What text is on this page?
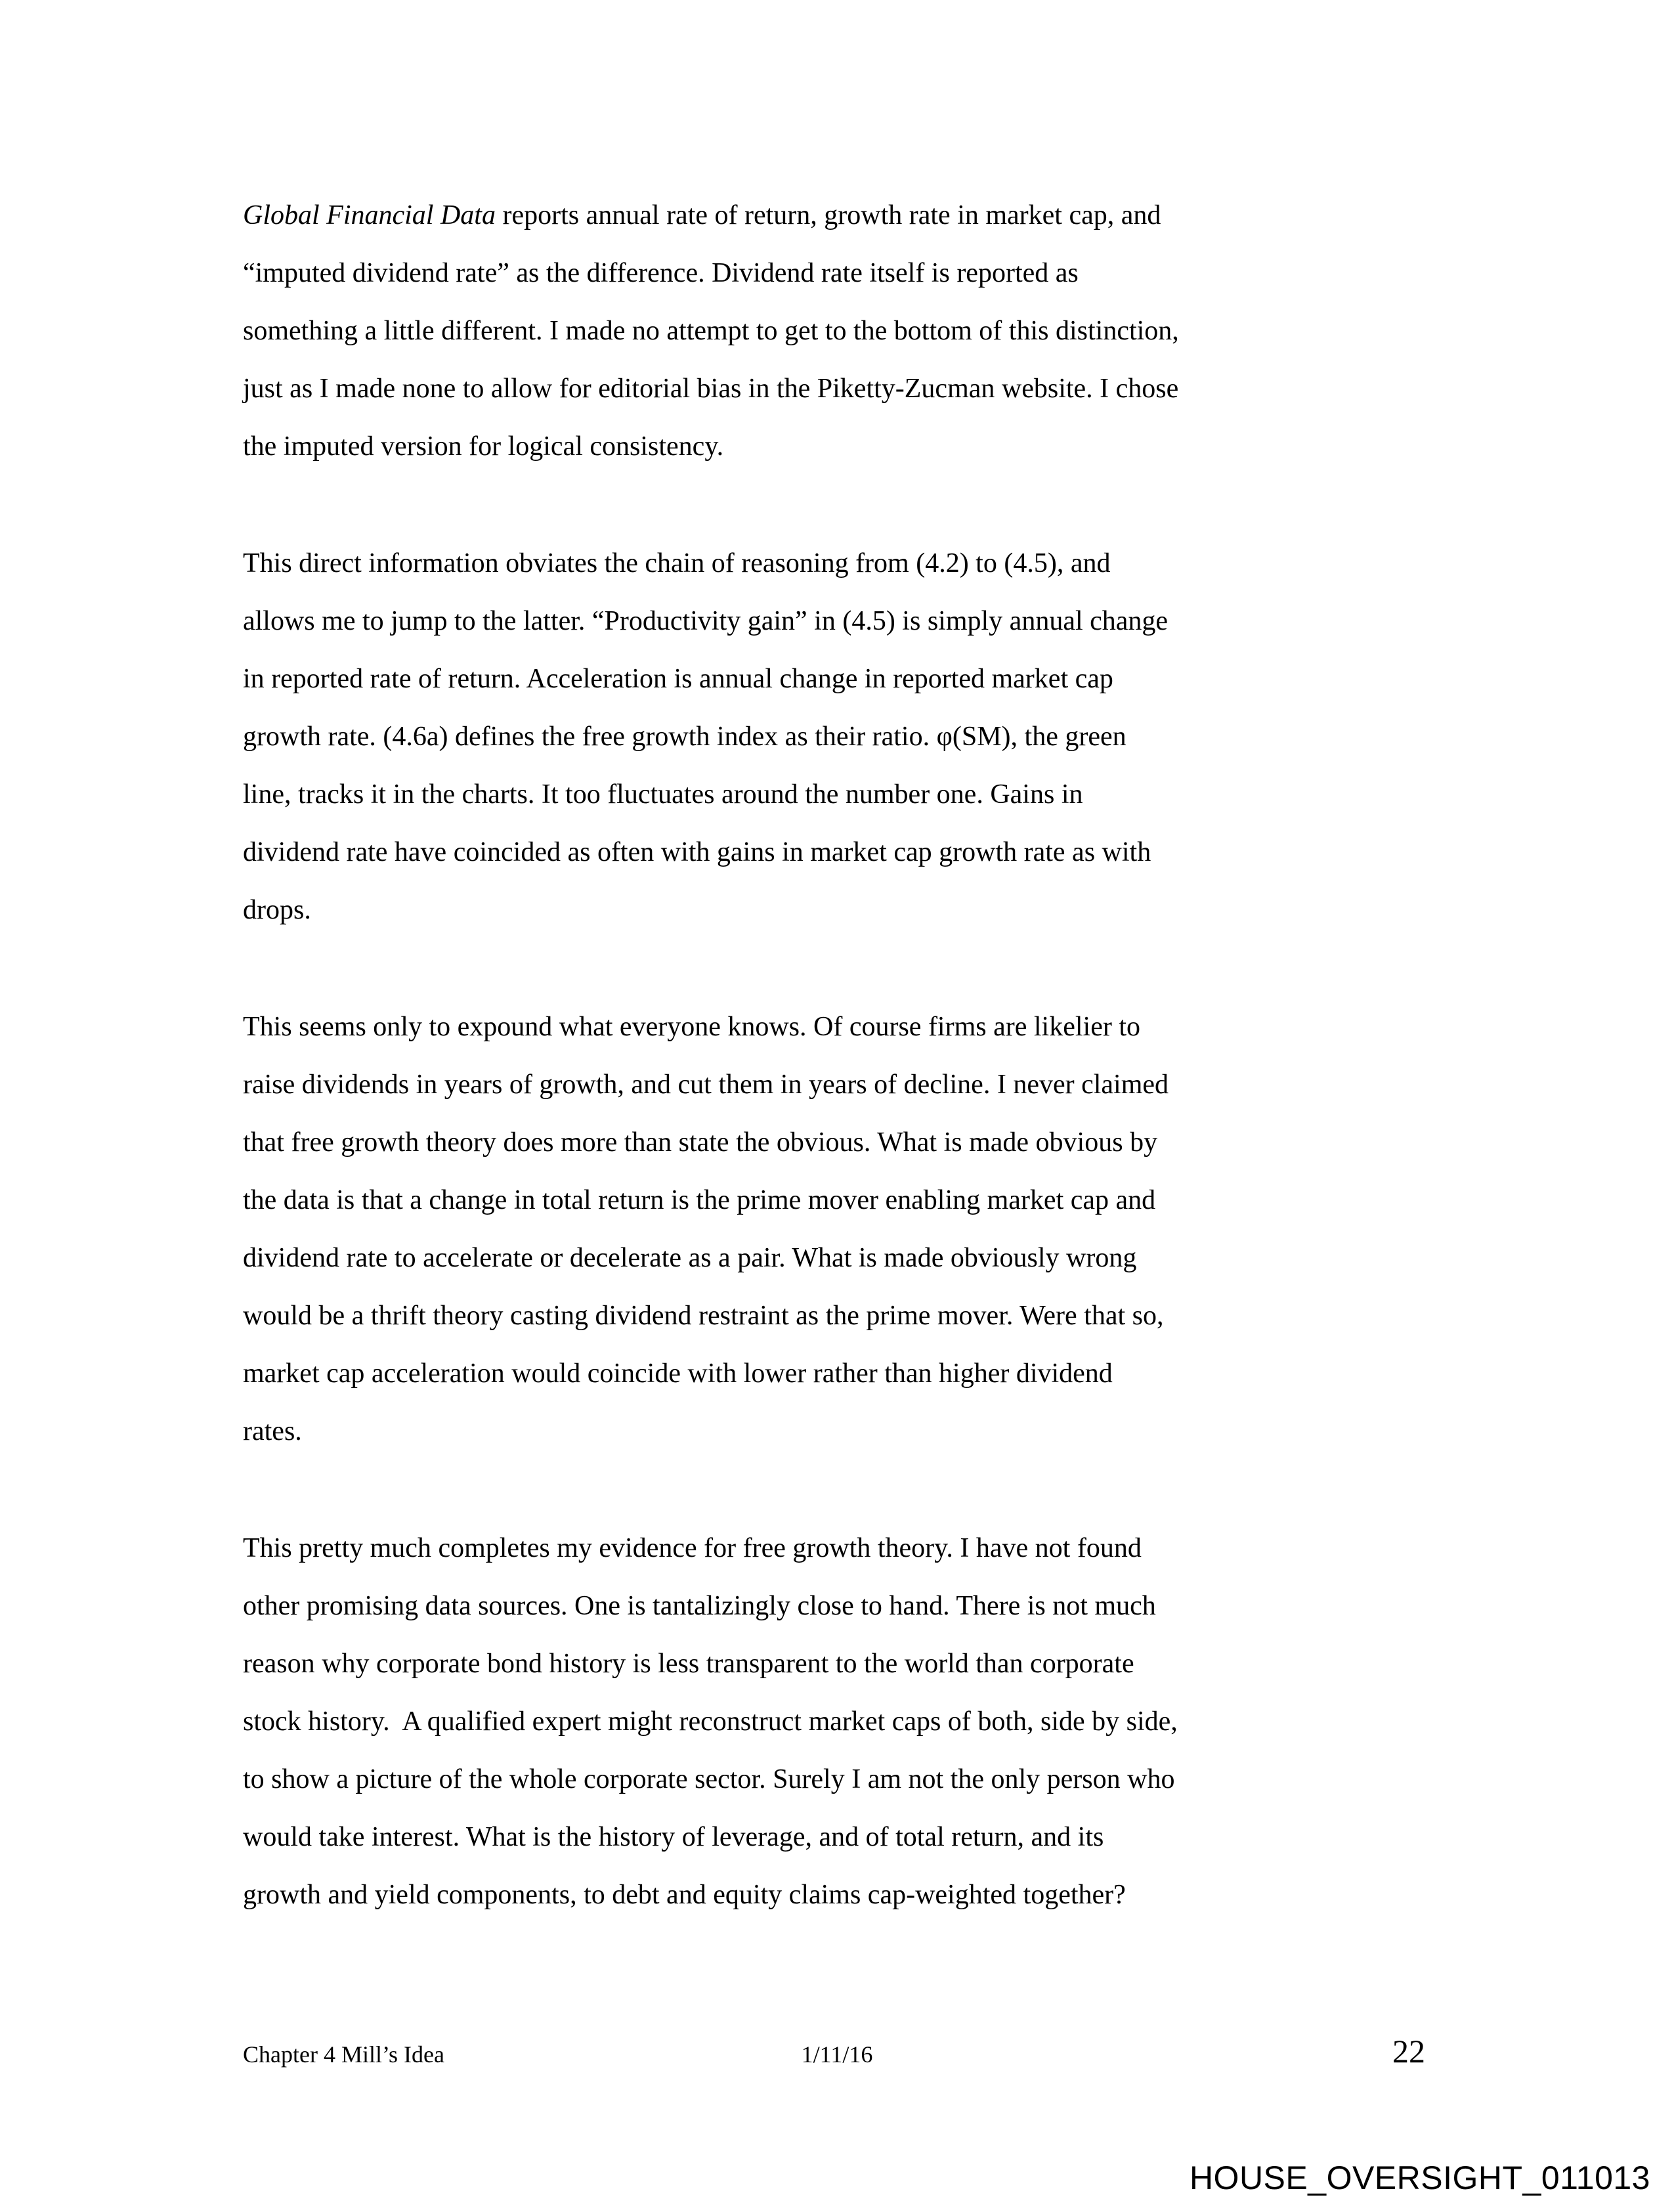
Global Financial Data reports annual rate of return, growth rate in market cap, and
“imputed dividend rate” as the difference. Dividend rate itself is reported as
something a little different. I made no attempt to get to the bottom of this distinction,
just as I made none to allow for editorial bias in the Piketty-Zucman website. I chose
the imputed version for logical consistency.

This direct information obviates the chain of reasoning from (4.2) to (4.5), and
allows me to jump to the latter. “Productivity gain” in (4.5) is simply annual change
in reported rate of return. Acceleration is annual change in reported market cap
growth rate. (4.6a) defines the free growth index as their ratio. φ(SM), the green
line, tracks it in the charts. It too fluctuates around the number one. Gains in
dividend rate have coincided as often with gains in market cap growth rate as with
drops.

This seems only to expound what everyone knows. Of course firms are likelier to
raise dividends in years of growth, and cut them in years of decline. I never claimed
that free growth theory does more than state the obvious. What is made obvious by
the data is that a change in total return is the prime mover enabling market cap and
dividend rate to accelerate or decelerate as a pair. What is made obviously wrong
would be a thrift theory casting dividend restraint as the prime mover. Were that so,
market cap acceleration would coincide with lower rather than higher dividend
rates.

This pretty much completes my evidence for free growth theory. I have not found
other promising data sources. One is tantalizingly close to hand. There is not much
reason why corporate bond history is less transparent to the world than corporate
stock history.  A qualified expert might reconstruct market caps of both, side by side,
to show a picture of the whole corporate sector. Surely I am not the only person who
would take interest. What is the history of leverage, and of total return, and its
growth and yield components, to debt and equity claims cap-weighted together?

Chapter 4 Mill’s Idea	1/11/16	22
HOUSE_OVERSIGHT_011013
